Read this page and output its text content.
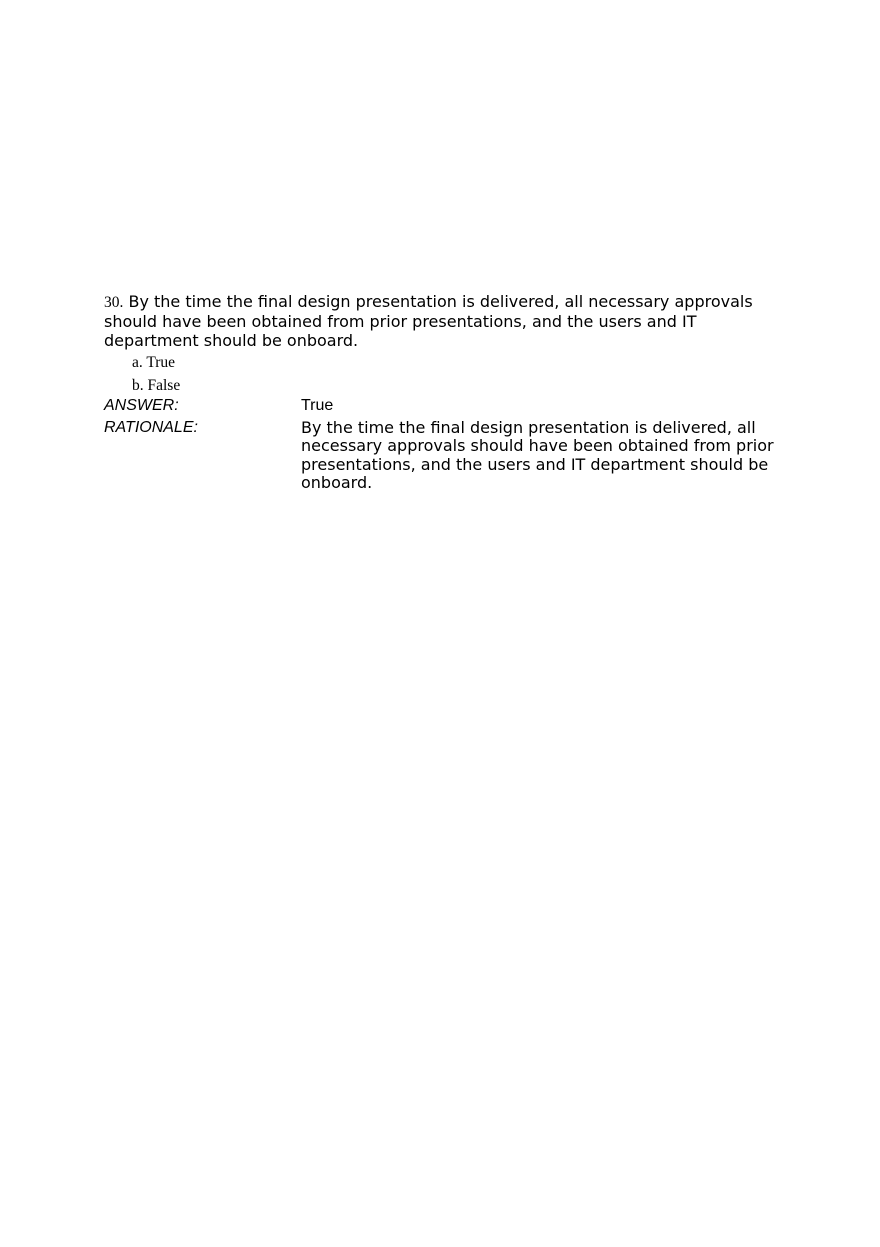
30. By the time the final design presentation is delivered, all necessary approvals should have been obtained from prior presentations, and the users and IT department should be onboard.

a. True
b. False
ANSWER:	True
RATIONALE:	By the time the final design presentation is delivered, all necessary approvals should have been obtained from prior presentations, and the users and IT department should be onboard.
